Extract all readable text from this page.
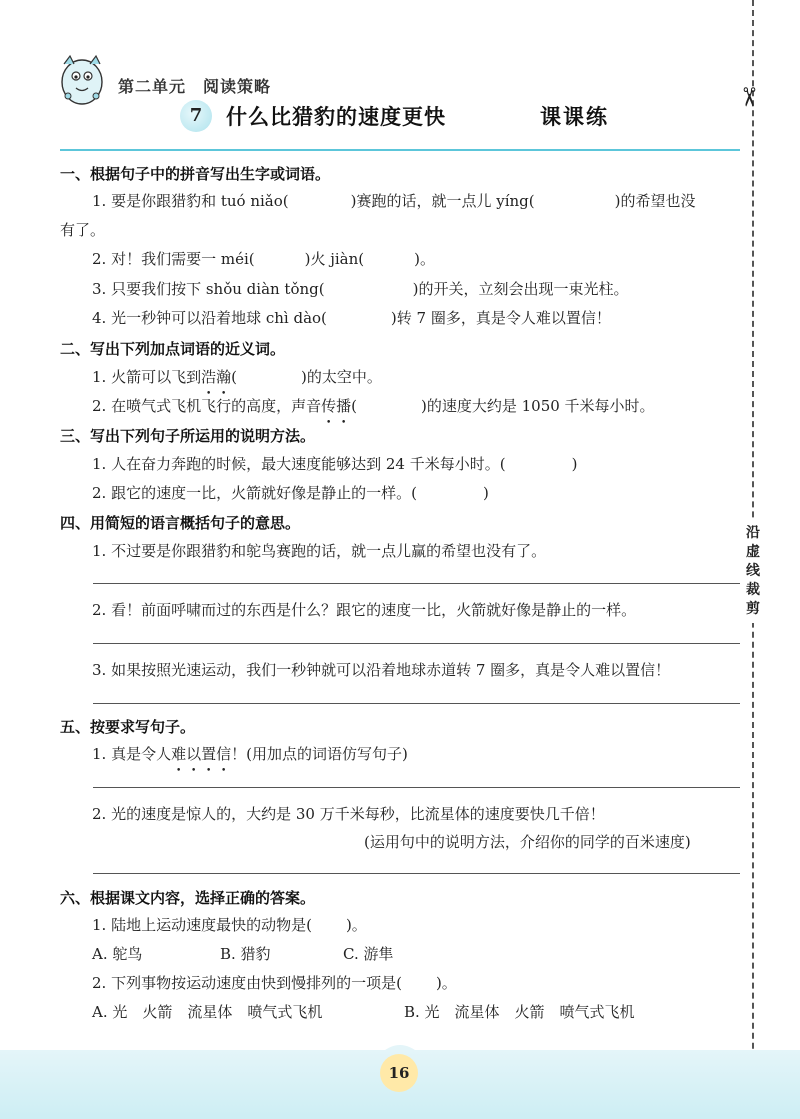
✂
沿
虚
线
裁
剪
第二单元　阅读策略
7	什么比猎豹的速度更快	课课练
一、根据句子中的拼音写出生字或词语。
1. 要是你跟猎豹和 tuó niǎo(	)赛跑的话，就一点儿 yíng(	)的希望也没
有了。
2. 对！我们需要一 méi(	)火 jiàn(	)。
3. 只要我们按下 shǒu diàn tǒng(	)的开关，立刻会出现一束光柱。
4. 光一秒钟可以沿着地球 chì dào(	)转 7 圈多，真是令人难以置信！
二、写出下列加点词语的近义词。
1. 火箭可以飞到浩瀚(	)的太空中。
2. 在喷气式飞机飞行的高度，声音传播(	)的速度大约是 1050 千米每小时。
三、写出下列句子所运用的说明方法。
1. 人在奋力奔跑的时候，最大速度能够达到 24 千米每小时。(	)
2. 跟它的速度一比，火箭就好像是静止的一样。(	)
四、用简短的语言概括句子的意思。
1. 不过要是你跟猎豹和鸵鸟赛跑的话，就一点儿赢的希望也没有了。
2. 看！前面呼啸而过的东西是什么？跟它的速度一比，火箭就好像是静止的一样。
3. 如果按照光速运动，我们一秒钟就可以沿着地球赤道转 7 圈多，真是令人难以置信！
五、按要求写句子。
1. 真是令人难以置信！(用加点的词语仿写句子)
2. 光的速度是惊人的，大约是 30 万千米每秒，比流星体的速度要快几千倍！
(运用句中的说明方法，介绍你的同学的百米速度)
六、根据课文内容，选择正确的答案。
1. 陆地上运动速度最快的动物是( )。
A. 鸵鸟	B. 猎豹	C. 游隼
2. 下列事物按运动速度由快到慢排列的一项是( )。
A. 光　火箭　流星体　喷气式飞机	B. 光　流星体　火箭　喷气式飞机
16
